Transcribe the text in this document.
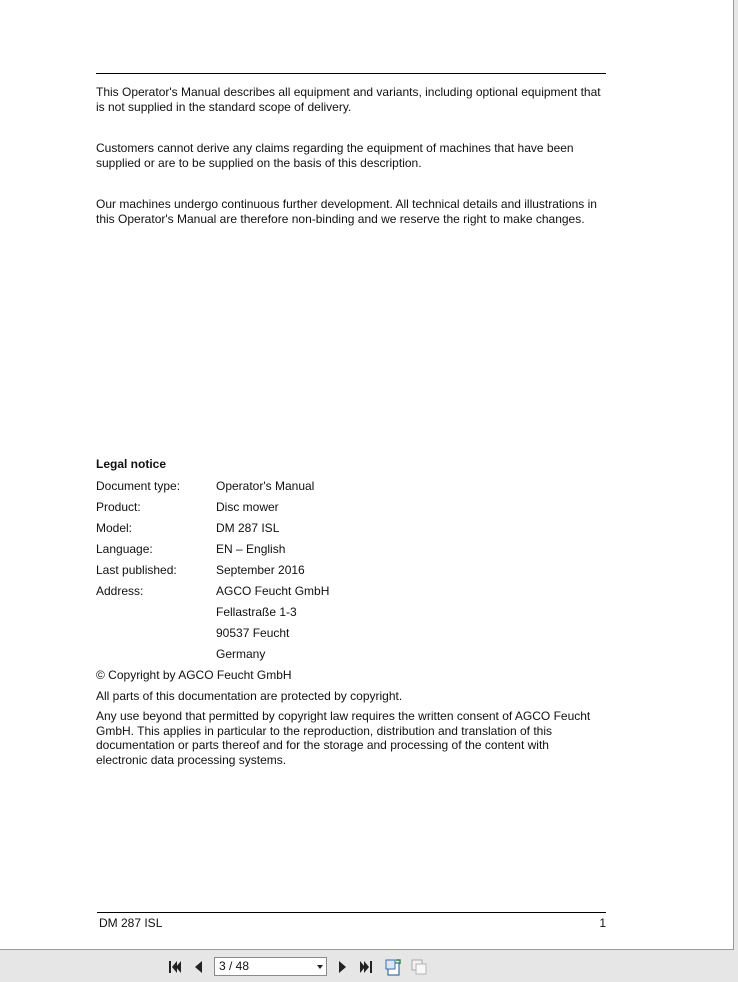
This Operator's Manual describes all equipment and variants, including optional equipment that is not supplied in the standard scope of delivery.

Customers cannot derive any claims regarding the equipment of machines that have been supplied or are to be supplied on the basis of this description.

Our machines undergo continuous further development. All technical details and illustrations in this Operator's Manual are therefore non-binding and we reserve the right to make changes.

Legal notice
Document type:	Operator's Manual
Product:	Disc mower
Model:	DM 287 ISL
Language:	EN – English
Last published:	September 2016
Address:	AGCO Feucht GmbH
Fellastraße 1-3
90537 Feucht
Germany
© Copyright by AGCO Feucht GmbH
All parts of this documentation are protected by copyright.

Any use beyond that permitted by copyright law requires the written consent of AGCO Feucht GmbH. This applies in particular to the reproduction, distribution and translation of this documentation or parts thereof and for the storage and processing of the content with electronic data processing systems.

DM 287 ISL	1
3 / 48
